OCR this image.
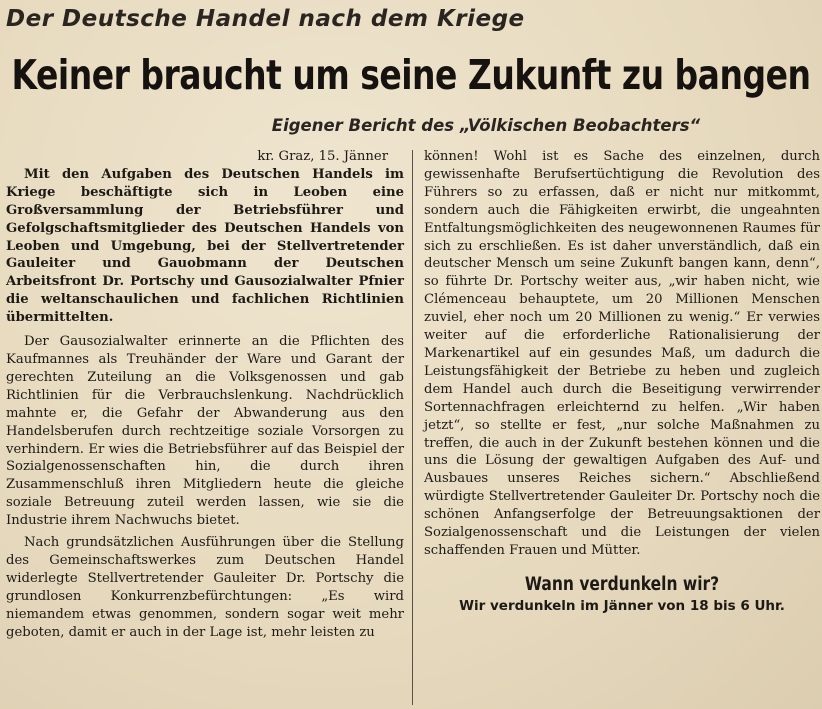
Der Deutsche Handel nach dem Kriege
Keiner braucht um seine Zukunft zu bangen
Eigener Bericht des „Völkischen Beobachters“

kr. Graz, 15. Jänner

Mit den Aufgaben des Deutschen Handels im Kriege beschäftigte sich in Leoben eine Großversammlung der Betriebsführer und Gefolgschaftsmitglieder des Deutschen Handels von Leoben und Umgebung, bei der Stellvertretender Gauleiter und Gauobmann der Deutschen Arbeitsfront Dr. Portschy und Gausozialwalter Pfnier die weltanschaulichen und fachlichen Richtlinien übermittelten.

Der Gausozialwalter erinnerte an die Pflichten des Kaufmannes als Treuhänder der Ware und Garant der gerechten Zuteilung an die Volksgenossen und gab Richtlinien für die Verbrauchslenkung. Nachdrücklich mahnte er, die Gefahr der Abwanderung aus den Handelsberufen durch rechtzeitige soziale Vorsorgen zu verhindern. Er wies die Betriebsführer auf das Beispiel der Sozialgenossenschaften hin, die durch ihren Zusammenschluß ihren Mitgliedern heute die gleiche soziale Betreuung zuteil werden lassen, wie sie die Industrie ihrem Nachwuchs bietet.

Nach grundsätzlichen Ausführungen über die Stellung des Gemeinschaftswerkes zum Deutschen Handel widerlegte Stellvertretender Gauleiter Dr. Portschy die grundlosen Konkurrenzbefürchtungen: „Es wird niemandem etwas genommen, sondern sogar weit mehr geboten, damit er auch in der Lage ist, mehr leisten zu

können! Wohl ist es Sache des einzelnen, durch gewissenhafte Berufsertüchtigung die Revolution des Führers so zu erfassen, daß er nicht nur mitkommt, sondern auch die Fähigkeiten erwirbt, die ungeahnten Entfaltungsmöglichkeiten des neugewonnenen Raumes für sich zu erschließen. Es ist daher unverständlich, daß ein deutscher Mensch um seine Zukunft bangen kann, denn“, so führte Dr. Portschy weiter aus, „wir haben nicht, wie Clémenceau behauptete, um 20 Millionen Menschen zuviel, eher noch um 20 Millionen zu wenig.“ Er verwies weiter auf die erforderliche Rationalisierung der Markenartikel auf ein gesundes Maß, um dadurch die Leistungsfähigkeit der Betriebe zu heben und zugleich dem Handel auch durch die Beseitigung verwirrender Sortennachfragen erleichternd zu helfen. „Wir haben jetzt“, so stellte er fest, „nur solche Maßnahmen zu treffen, die auch in der Zukunft bestehen können und die uns die Lösung der gewaltigen Aufgaben des Auf- und Ausbaues unseres Reiches sichern.“ Abschließend würdigte Stellvertretender Gauleiter Dr. Portschy noch die schönen Anfangserfolge der Betreuungsaktionen der Sozialgenossenschaft und die Leistungen der vielen schaffenden Frauen und Mütter.

Wann verdunkeln wir?

Wir verdunkeln im Jänner von 18 bis 6 Uhr.
